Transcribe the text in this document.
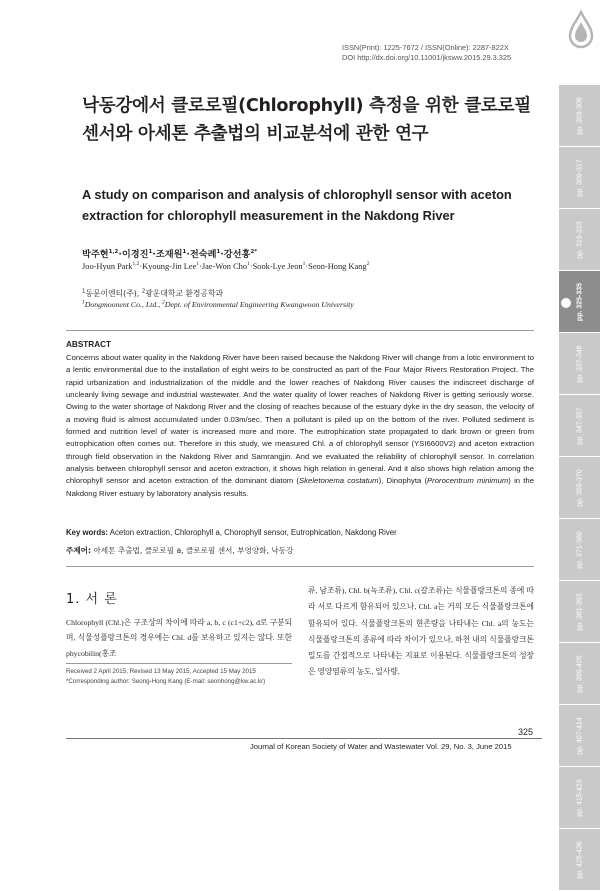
ISSN(Print): 1225-7672 / ISSN(Online): 2287-822X
DOI http://dx.doi.org/10.11001/jksww.2015.29.3.325
pp. 303-308
pp. 309-317
pp. 319-323
pp. 325-335
pp. 337-346
pp. 347-357
pp. 359-370
pp. 371-380
pp. 381-393
pp. 395-405
pp. 407-414
pp. 415-423
pp. 425-436
낙동강에서 클로로필(Chlorophyll) 측정을 위한 클로로필 센서와 아세톤 추출법의 비교분석에 관한 연구
A study on comparison and analysis of chlorophyll sensor with aceton extraction for chlorophyll measurement in the Nakdong River
박주현$^{1,2}$·이경진$^1$·조재원$^1$·전숙례$^1$·강선홍$^{2*}$
Joo-Hyun Park$^{1,2}$·Kyoung-Jin Lee$^1$·Jae-Won Cho$^1$·Sook-Lye Jeon$^1$·Seon-Hong Kang$^2$
$^1$동문이엔티(주), $^2$광운대학교 환경공학과
$^1$Dongmoonent Co., Ltd., $^2$Dept. of Environmental Engineering Kwangwoon University
ABSTRACT

Concerns about water quality in the Nakdong River have been raised because the Nakdong River will change from a lotic environment to a lentic environmental due to the installation of eight weirs to be constructed as part of the Four Major Rivers Restoration Project. The rapid urbanization and industrialization of the middle and the lower reaches of Nakdong River causes the indiscreet discharge of uncleanly living sewage and industrial wastewater. And the water quality of lower reaches of Nakdong River is getting seriously worse. Owing to the water shortage of Nakdong River and the closing of reaches because of the estuary dyke in the dry season, the velocity of a moving fluid is almost accumulated under 0.03m/sec. Then a pollutant is piled up on the bottom of the river. Polluted sediment is formed and nutrition level of water is increased more and more. The eutrophication state propagated to dark brown or green from eutrophication often comes out. Therefore in this study, we measured Chl. a of chlorophyll sensor (YSI6600V2) and aceton extraction through field observation in the Nakdong River and Samrangjin. And we evaluated the reliability of chlorophyll sensor. In correlation analysis between chlorophyll sensor and aceton extraction, it shows high relation in general. And it also shows high relation among the chlorophyll sensor and aceton extraction of the dominant diatom (Skeletonema costatum), Dinophyta (Prorocentrum minimum) in the Nakdong River estuary by laboratory analysis results.

Key words: Aceton extraction, Chlorophyll a, Chorophyll sensor, Eutrophication, Nakdong River
주제어: 아세톤 추출법, 클로로필 a, 클로로필 센서, 부영양화, 낙동강
1. 서 론

Chlorophyll (Chl.)은 구조상의 차이에 따라 a, b, c (c1+c2), d로 구분되며, 식물성플랑크톤의 경우에는 Chl. d를 보유하고 있지는 않다. 또한 phycobilin(홍조

류, 남조류), Chl. b(녹조류), Chl. c(갈조류)는 식물플랑크톤의 종에 따라 서로 다르게 함유되어 있으나, Chl. a는 거의 모든 식물플랑크톤에 함유되어 있다. 식물플랑크톤의 현존량을 나타내는 Chl. a의 농도는 식물플랑크톤의 종류에 따라 차이가 있으나, 하천 내의 식물플랑크톤 밀도를 간접적으로 나타내는 지표로 이용된다. 식물플랑크톤의 성장은 영양염류의 농도, 일사량,

Received 2 April 2015; Revised 13 May 2015; Accepted 15 May 2015
*Corresponding author: Seong-Hong Kang (E-mail: seonhong@kw.ac.kr)
325
Journal of Korean Society of Water and Wastewater Vol. 29, No. 3, June 2015
